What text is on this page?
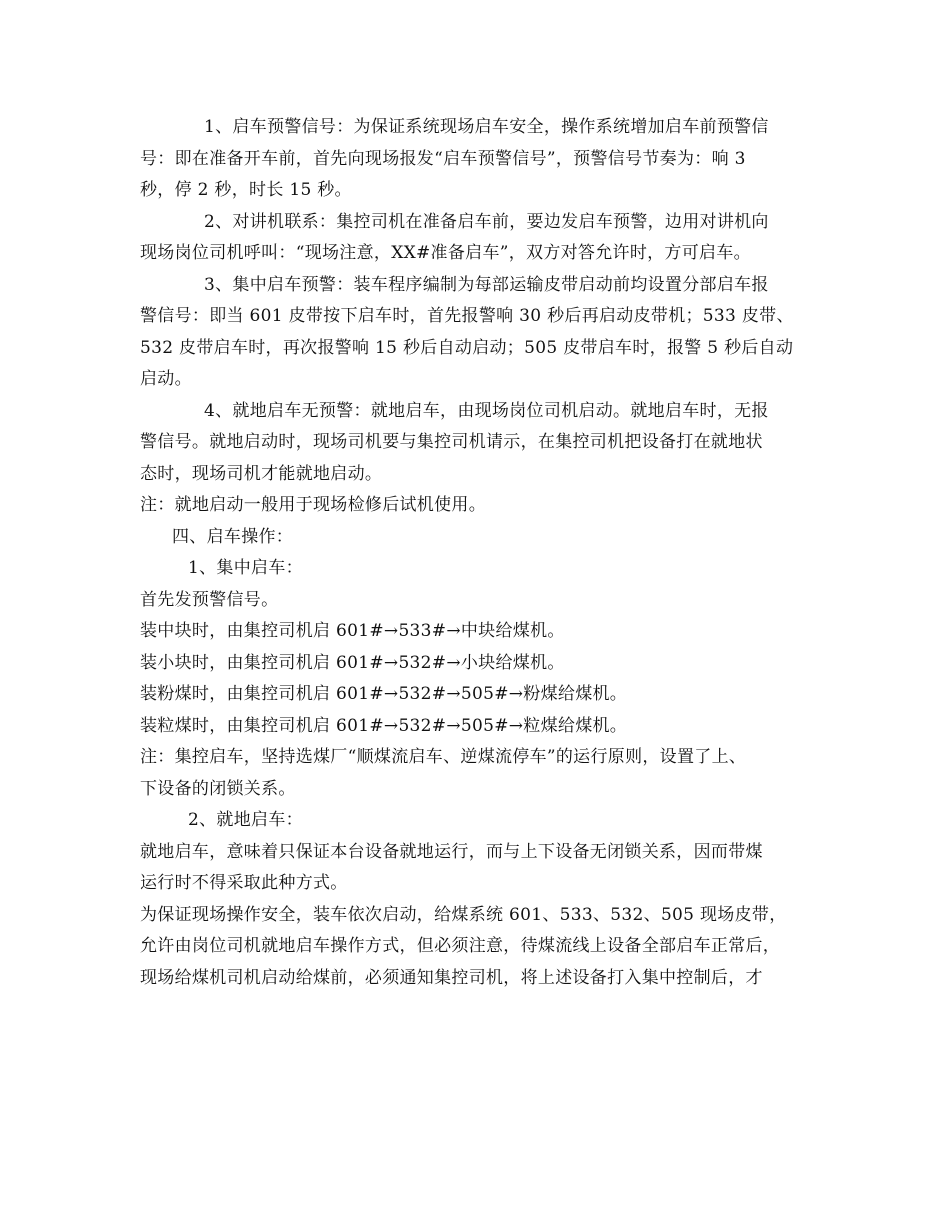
1、启车预警信号：为保证系统现场启车安全，操作系统增加启车前预警信
号：即在准备开车前，首先向现场报发“启车预警信号”，预警信号节奏为：响 3
秒，停 2 秒，时长 15 秒。
2、对讲机联系：集控司机在准备启车前，要边发启车预警，边用对讲机向
现场岗位司机呼叫：“现场注意，XX#准备启车”，双方对答允许时，方可启车。
3、集中启车预警：装车程序编制为每部运输皮带启动前均设置分部启车报
警信号：即当 601 皮带按下启车时，首先报警响 30 秒后再启动皮带机；533 皮带、
532 皮带启车时，再次报警响 15 秒后自动启动；505 皮带启车时，报警 5 秒后自动
启动。
4、就地启车无预警：就地启车，由现场岗位司机启动。就地启车时，无报
警信号。就地启动时，现场司机要与集控司机请示，在集控司机把设备打在就地状
态时，现场司机才能就地启动。
注：就地启动一般用于现场检修后试机使用。
四、启车操作：
1、集中启车：
首先发预警信号。
装中块时，由集控司机启 601#→533#→中块给煤机。
装小块时，由集控司机启 601#→532#→小块给煤机。
装粉煤时，由集控司机启 601#→532#→505#→粉煤给煤机。
装粒煤时，由集控司机启 601#→532#→505#→粒煤给煤机。
注：集控启车，坚持选煤厂“顺煤流启车、逆煤流停车”的运行原则，设置了上、
下设备的闭锁关系。
2、就地启车：
就地启车，意味着只保证本台设备就地运行，而与上下设备无闭锁关系，因而带煤
运行时不得采取此种方式。
为保证现场操作安全，装车依次启动，给煤系统 601、533、532、505 现场皮带，
允许由岗位司机就地启车操作方式，但必须注意，待煤流线上设备全部启车正常后，
现场给煤机司机启动给煤前，必须通知集控司机，将上述设备打入集中控制后，才
